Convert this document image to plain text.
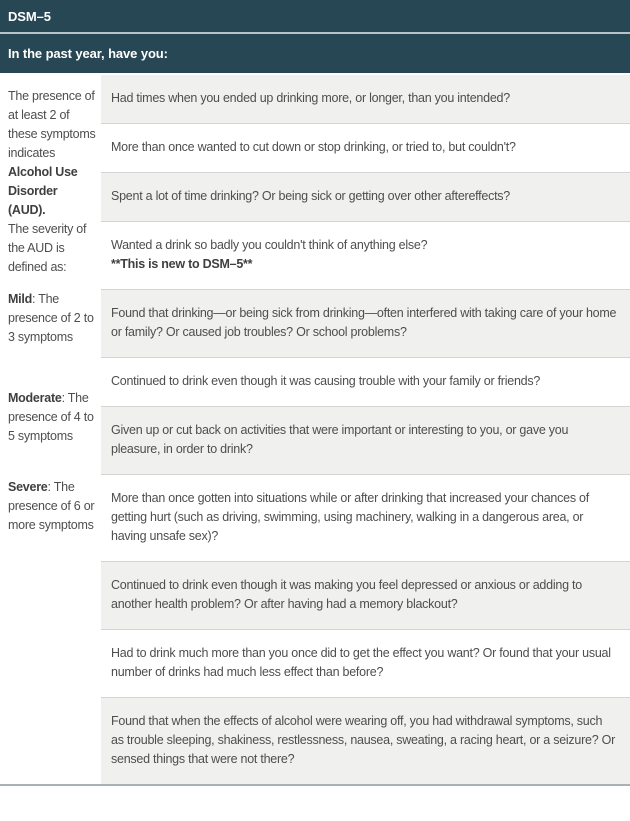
DSM–5
In the past year, have you:

The presence of at least 2 of these symptoms indicates Alcohol Use Disorder (AUD).

The severity of the AUD is defined as:

Mild: The presence of 2 to 3 symptoms

Moderate: The presence of 4 to 5 symptoms

Severe: The presence of 6 or more symptoms

Had times when you ended up drinking more, or longer, than you intended?
More than once wanted to cut down or stop drinking, or tried to, but couldn't?
Spent a lot of time drinking? Or being sick or getting over other aftereffects?
Wanted a drink so badly you couldn't think of anything else?
**This is new to DSM–5**
Found that drinking—or being sick from drinking—often interfered with taking care of your home or family? Or caused job troubles? Or school problems?
Continued to drink even though it was causing trouble with your family or friends?
Given up or cut back on activities that were important or interesting to you, or gave you pleasure, in order to drink?
More than once gotten into situations while or after drinking that increased your chances of getting hurt (such as driving, swimming, using machinery, walking in a dangerous area, or having unsafe sex)?
Continued to drink even though it was making you feel depressed or anxious or adding to another health problem? Or after having had a memory blackout?
Had to drink much more than you once did to get the effect you want? Or found that your usual number of drinks had much less effect than before?
Found that when the effects of alcohol were wearing off, you had withdrawal symptoms, such as trouble sleeping, shakiness, restlessness, nausea, sweating, a racing heart, or a seizure? Or sensed things that were not there?
